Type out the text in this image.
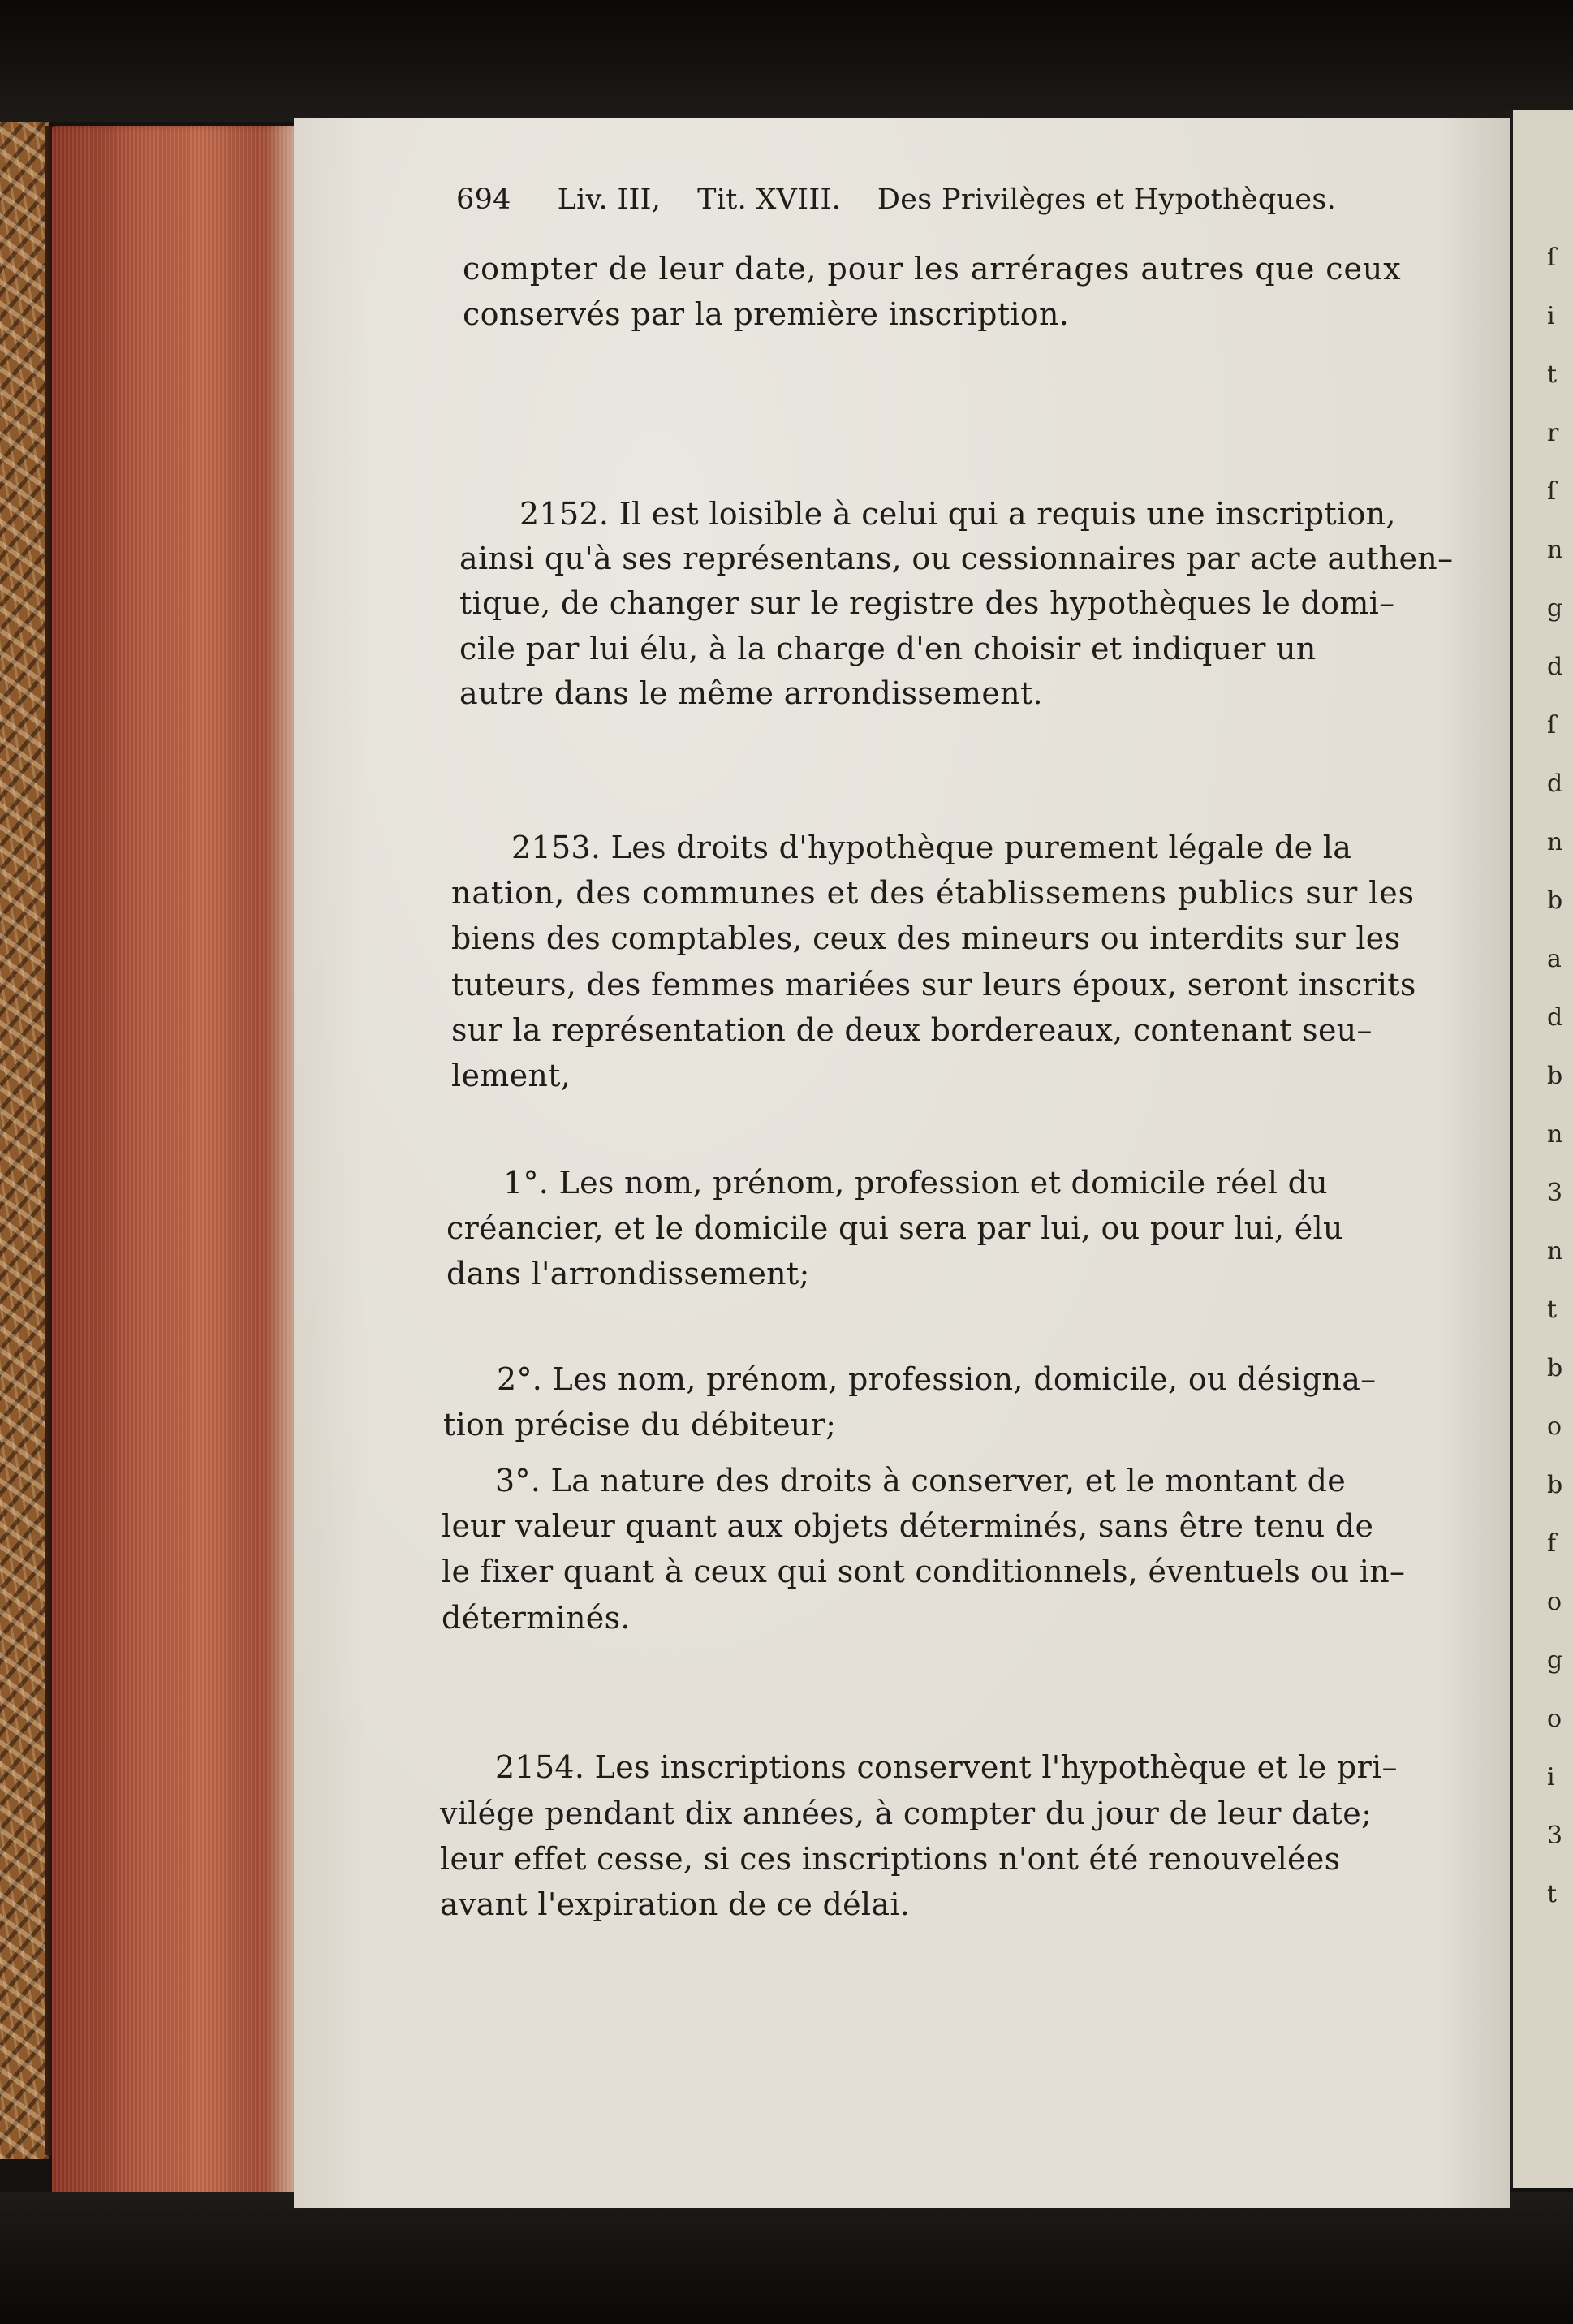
ſ
i
t
r
ſ
n
g
d
ſ
d
n
b
a
d
b
n
3
n
t
b
o
b
f
o
g
o
i
3
t
694 Liv. III, Tit. XVIII. Des Privilèges et Hypothèques.
compter de leur date, pour les arrérages autres que ceux
conservés par la première inscription.
2152. Il est loisible à celui qui a requis une inscription,
ainsi qu'à ses représentans, ou cessionnaires par acte authen–
tique, de changer sur le registre des hypothèques le domi–
cile par lui élu, à la charge d'en choisir et indiquer un
autre dans le même arrondissement.
2153. Les droits d'hypothèque purement légale de la
nation, des communes et des établissemens publics sur les
biens des comptables, ceux des mineurs ou interdits sur les
tuteurs, des femmes mariées sur leurs époux, seront inscrits
sur la représentation de deux bordereaux, contenant seu–
lement,
1°. Les nom, prénom, profession et domicile réel du
créancier, et le domicile qui sera par lui, ou pour lui, élu
dans l'arrondissement;
2°. Les nom, prénom, profession, domicile, ou désigna–
tion précise du débiteur;
3°. La nature des droits à conserver, et le montant de
leur valeur quant aux objets déterminés, sans être tenu de
le fixer quant à ceux qui sont conditionnels, éventuels ou in–
déterminés.
2154. Les inscriptions conservent l'hypothèque et le pri–
vilége pendant dix années, à compter du jour de leur date;
leur effet cesse, si ces inscriptions n'ont été renouvelées
avant l'expiration de ce délai.
